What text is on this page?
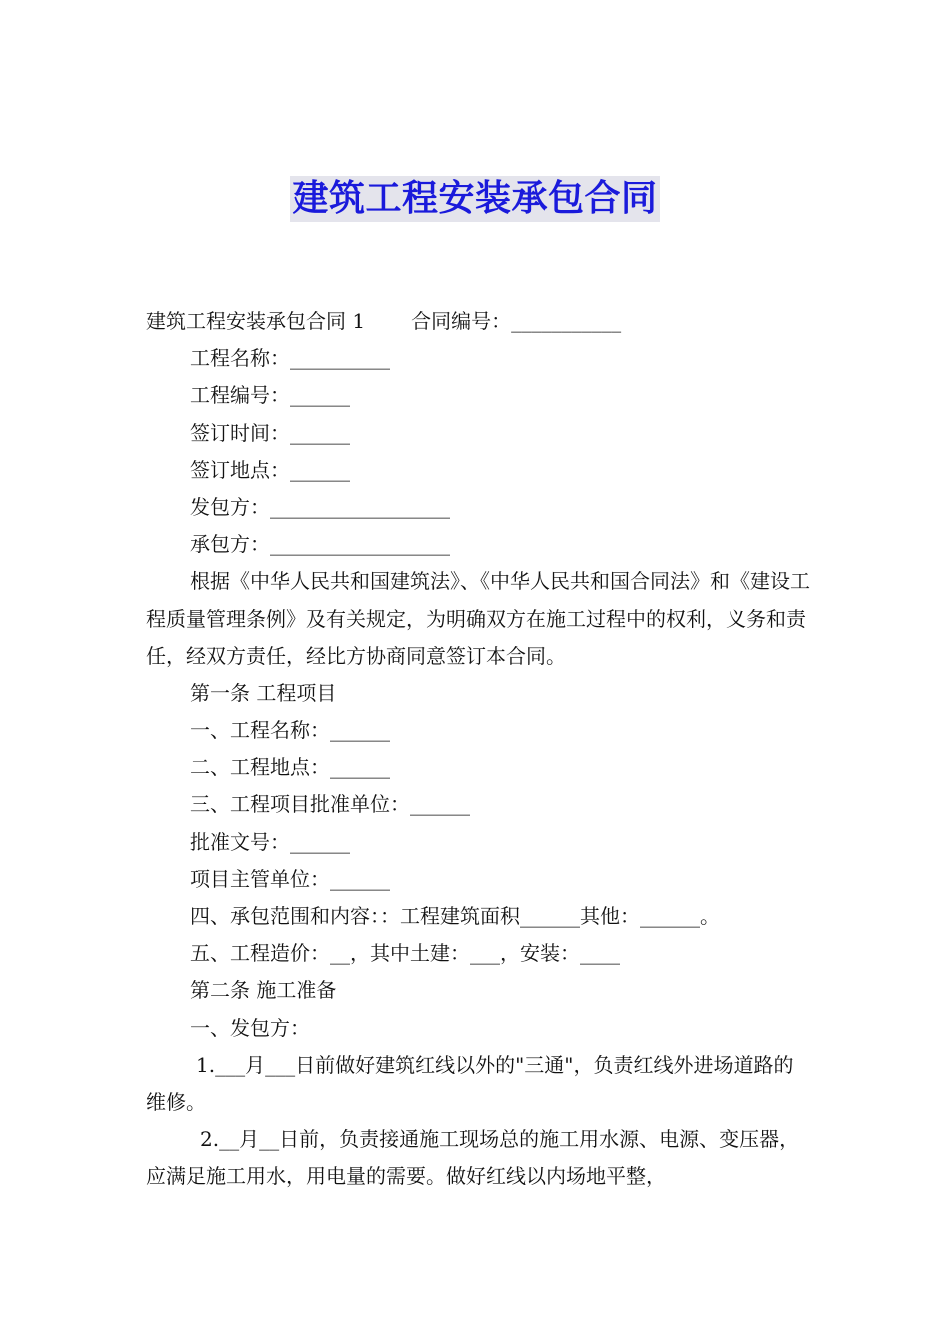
建筑工程安装承包合同
建筑工程安装承包合同 1 合同编号：___________
工程名称：__________
工程编号：______
签订时间：______
签订地点：______
发包方：__________________
承包方：__________________
根据《中华人民共和国建筑法》、《中华人民共和国合同法》和《建设工程质量管理条例》及有关规定，为明确双方在施工过程中的权利，义务和责任，经双方责任，经比方协商同意签订本合同。
第一条 工程项目
一、工程名称：______
二、工程地点：______
三、工程项目批准单位：______
批准文号：______
项目主管单位：______
四、承包范围和内容：：工程建筑面积______其他：______。
五、工程造价：__，其中土建：___，安装：____
第二条 施工准备
一、发包方：
1.___月___日前做好建筑红线以外的"三通"，负责红线外进场道路的维修。
2.__月__日前，负责接通施工现场总的施工用水源、电源、变压器，应满足施工用水，用电量的需要。做好红线以内场地平整，
